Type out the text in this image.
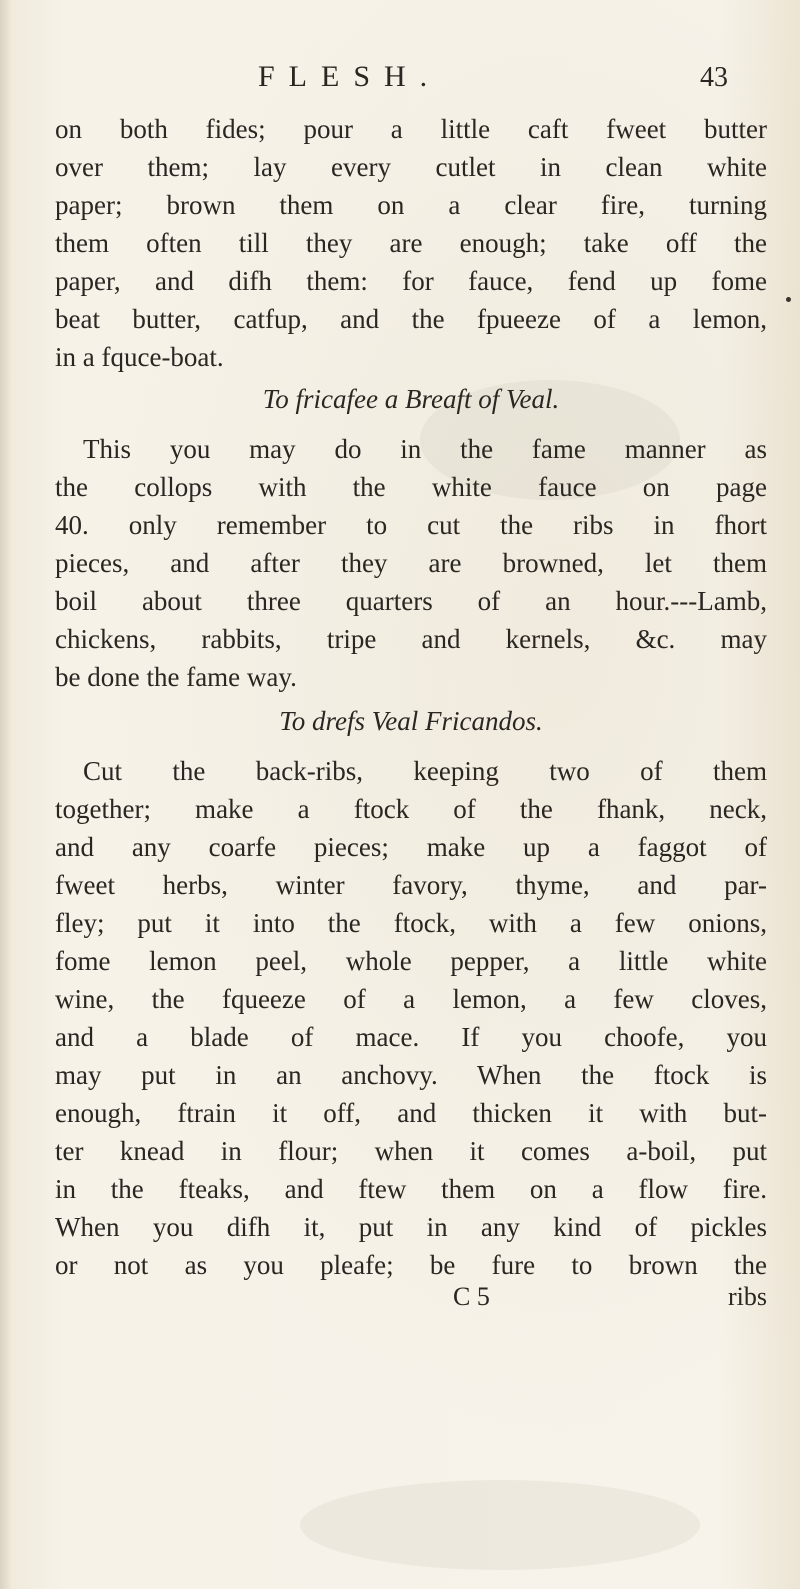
FLESH.	43
on both fides; pour a little caft fweet butter
over them; lay every cutlet in clean white
paper; brown them on a clear fire, turning
them often till they are enough; take off the
paper, and difh them: for fauce, fend up fome
beat butter, catfup, and the fpueeze of a lemon,
in a fquce-boat.
To fricafee a Breaft of Veal.
This you may do in the fame manner as
the collops with the white fauce on page
40. only remember to cut the ribs in fhort
pieces, and after they are browned, let them
boil about three quarters of an hour.---Lamb,
chickens, rabbits, tripe and kernels, &c. may
be done the fame way.
To drefs Veal Fricandos.
Cut the back-ribs, keeping two of them
together; make a ftock of the fhank, neck,
and any coarfe pieces; make up a faggot of
fweet herbs, winter favory, thyme, and par-
fley; put it into the ftock, with a few onions,
fome lemon peel, whole pepper, a little white
wine, the fqueeze of a lemon, a few cloves,
and a blade of mace. If you choofe, you
may put in an anchovy. When the ftock is
enough, ftrain it off, and thicken it with but-
ter knead in flour; when it comes a-boil, put
in the fteaks, and ftew them on a flow fire.
When you difh it, put in any kind of pickles
or not as you pleafe; be fure to brown the
C 5	ribs
